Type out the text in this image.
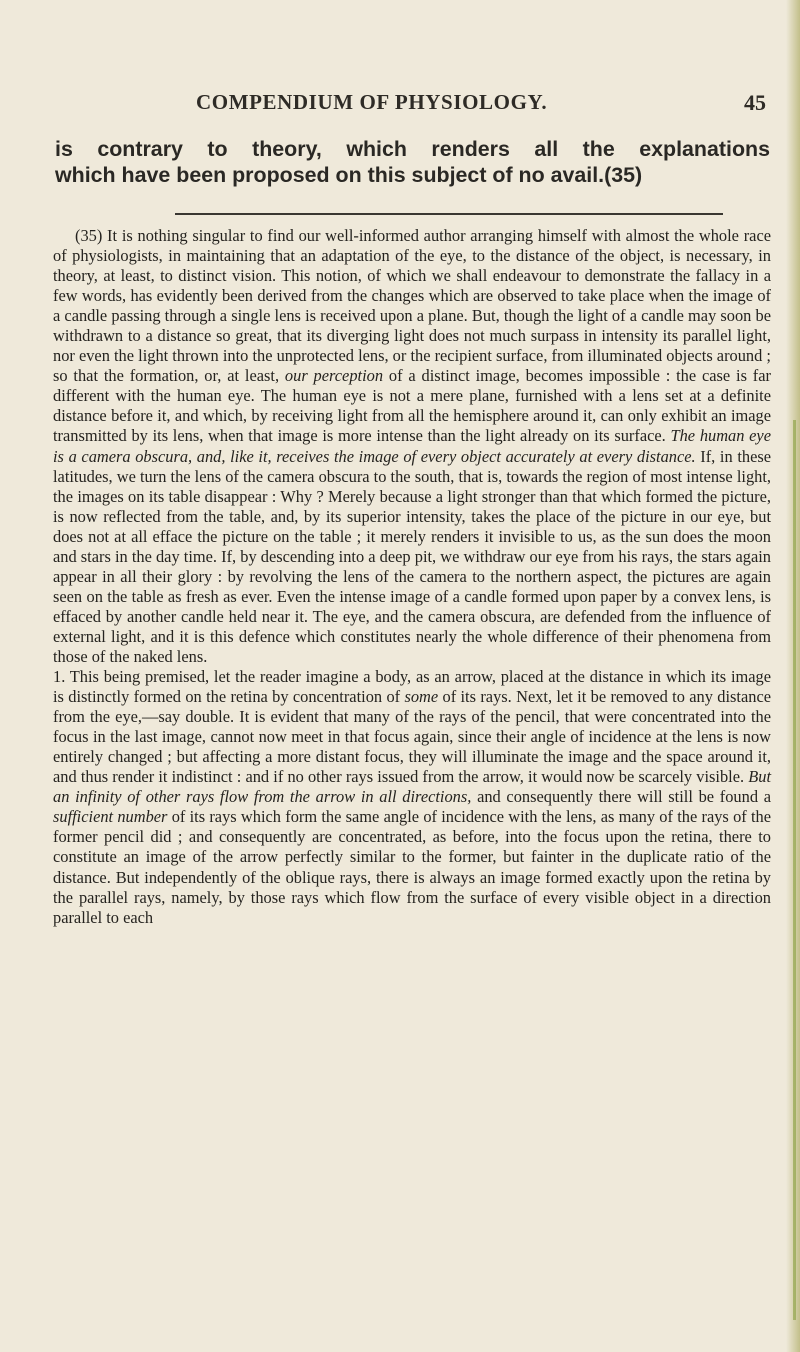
COMPENDIUM OF PHYSIOLOGY.	45
is contrary to theory, which renders all the explanations
which have been proposed on this subject of no avail.(35)

(35) It is nothing singular to find our well-informed author arranging himself with almost the whole race of physiologists, in maintaining that an adaptation of the eye, to the distance of the object, is necessary, in theory, at least, to distinct vision. This notion, of which we shall endeavour to demonstrate the fallacy in a few words, has evidently been derived from the changes which are observed to take place when the image of a candle passing through a single lens is received upon a plane. But, though the light of a candle may soon be withdrawn to a distance so great, that its diverging light does not much surpass in intensity its parallel light, nor even the light thrown into the unprotected lens, or the recipient surface, from illuminated objects around ; so that the formation, or, at least, our perception of a distinct image, becomes impossible : the case is far different with the human eye. The human eye is not a mere plane, furnished with a lens set at a definite distance before it, and which, by receiving light from all the hemisphere around it, can only exhibit an image transmitted by its lens, when that image is more intense than the light already on its surface. The human eye is a camera obscura, and, like it, receives the image of every object accurately at every distance. If, in these latitudes, we turn the lens of the camera obscura to the south, that is, towards the region of most intense light, the images on its table disappear : Why ? Merely because a light stronger than that which formed the picture, is now reflected from the table, and, by its superior intensity, takes the place of the picture in our eye, but does not at all efface the picture on the table ; it merely renders it invisible to us, as the sun does the moon and stars in the day time. If, by descending into a deep pit, we withdraw our eye from his rays, the stars again appear in all their glory : by revolving the lens of the camera to the northern aspect, the pictures are again seen on the table as fresh as ever. Even the intense image of a candle formed upon paper by a convex lens, is effaced by another candle held near it. The eye, and the camera obscura, are defended from the influence of external light, and it is this defence which constitutes nearly the whole difference of their phenomena from those of the naked lens.

1. This being premised, let the reader imagine a body, as an arrow, placed at the distance in which its image is distinctly formed on the retina by concentration of some of its rays. Next, let it be removed to any distance from the eye,—say double. It is evident that many of the rays of the pencil, that were concentrated into the focus in the last image, cannot now meet in that focus again, since their angle of incidence at the lens is now entirely changed ; but affecting a more distant focus, they will illuminate the image and the space around it, and thus render it indistinct : and if no other rays issued from the arrow, it would now be scarcely visible. But an infinity of other rays flow from the arrow in all directions, and consequently there will still be found a sufficient number of its rays which form the same angle of incidence with the lens, as many of the rays of the former pencil did ; and consequently are concentrated, as before, into the focus upon the retina, there to constitute an image of the arrow perfectly similar to the former, but fainter in the duplicate ratio of the distance. But independently of the oblique rays, there is always an image formed exactly upon the retina by the parallel rays, namely, by those rays which flow from the surface of every visible object in a direction parallel to each
